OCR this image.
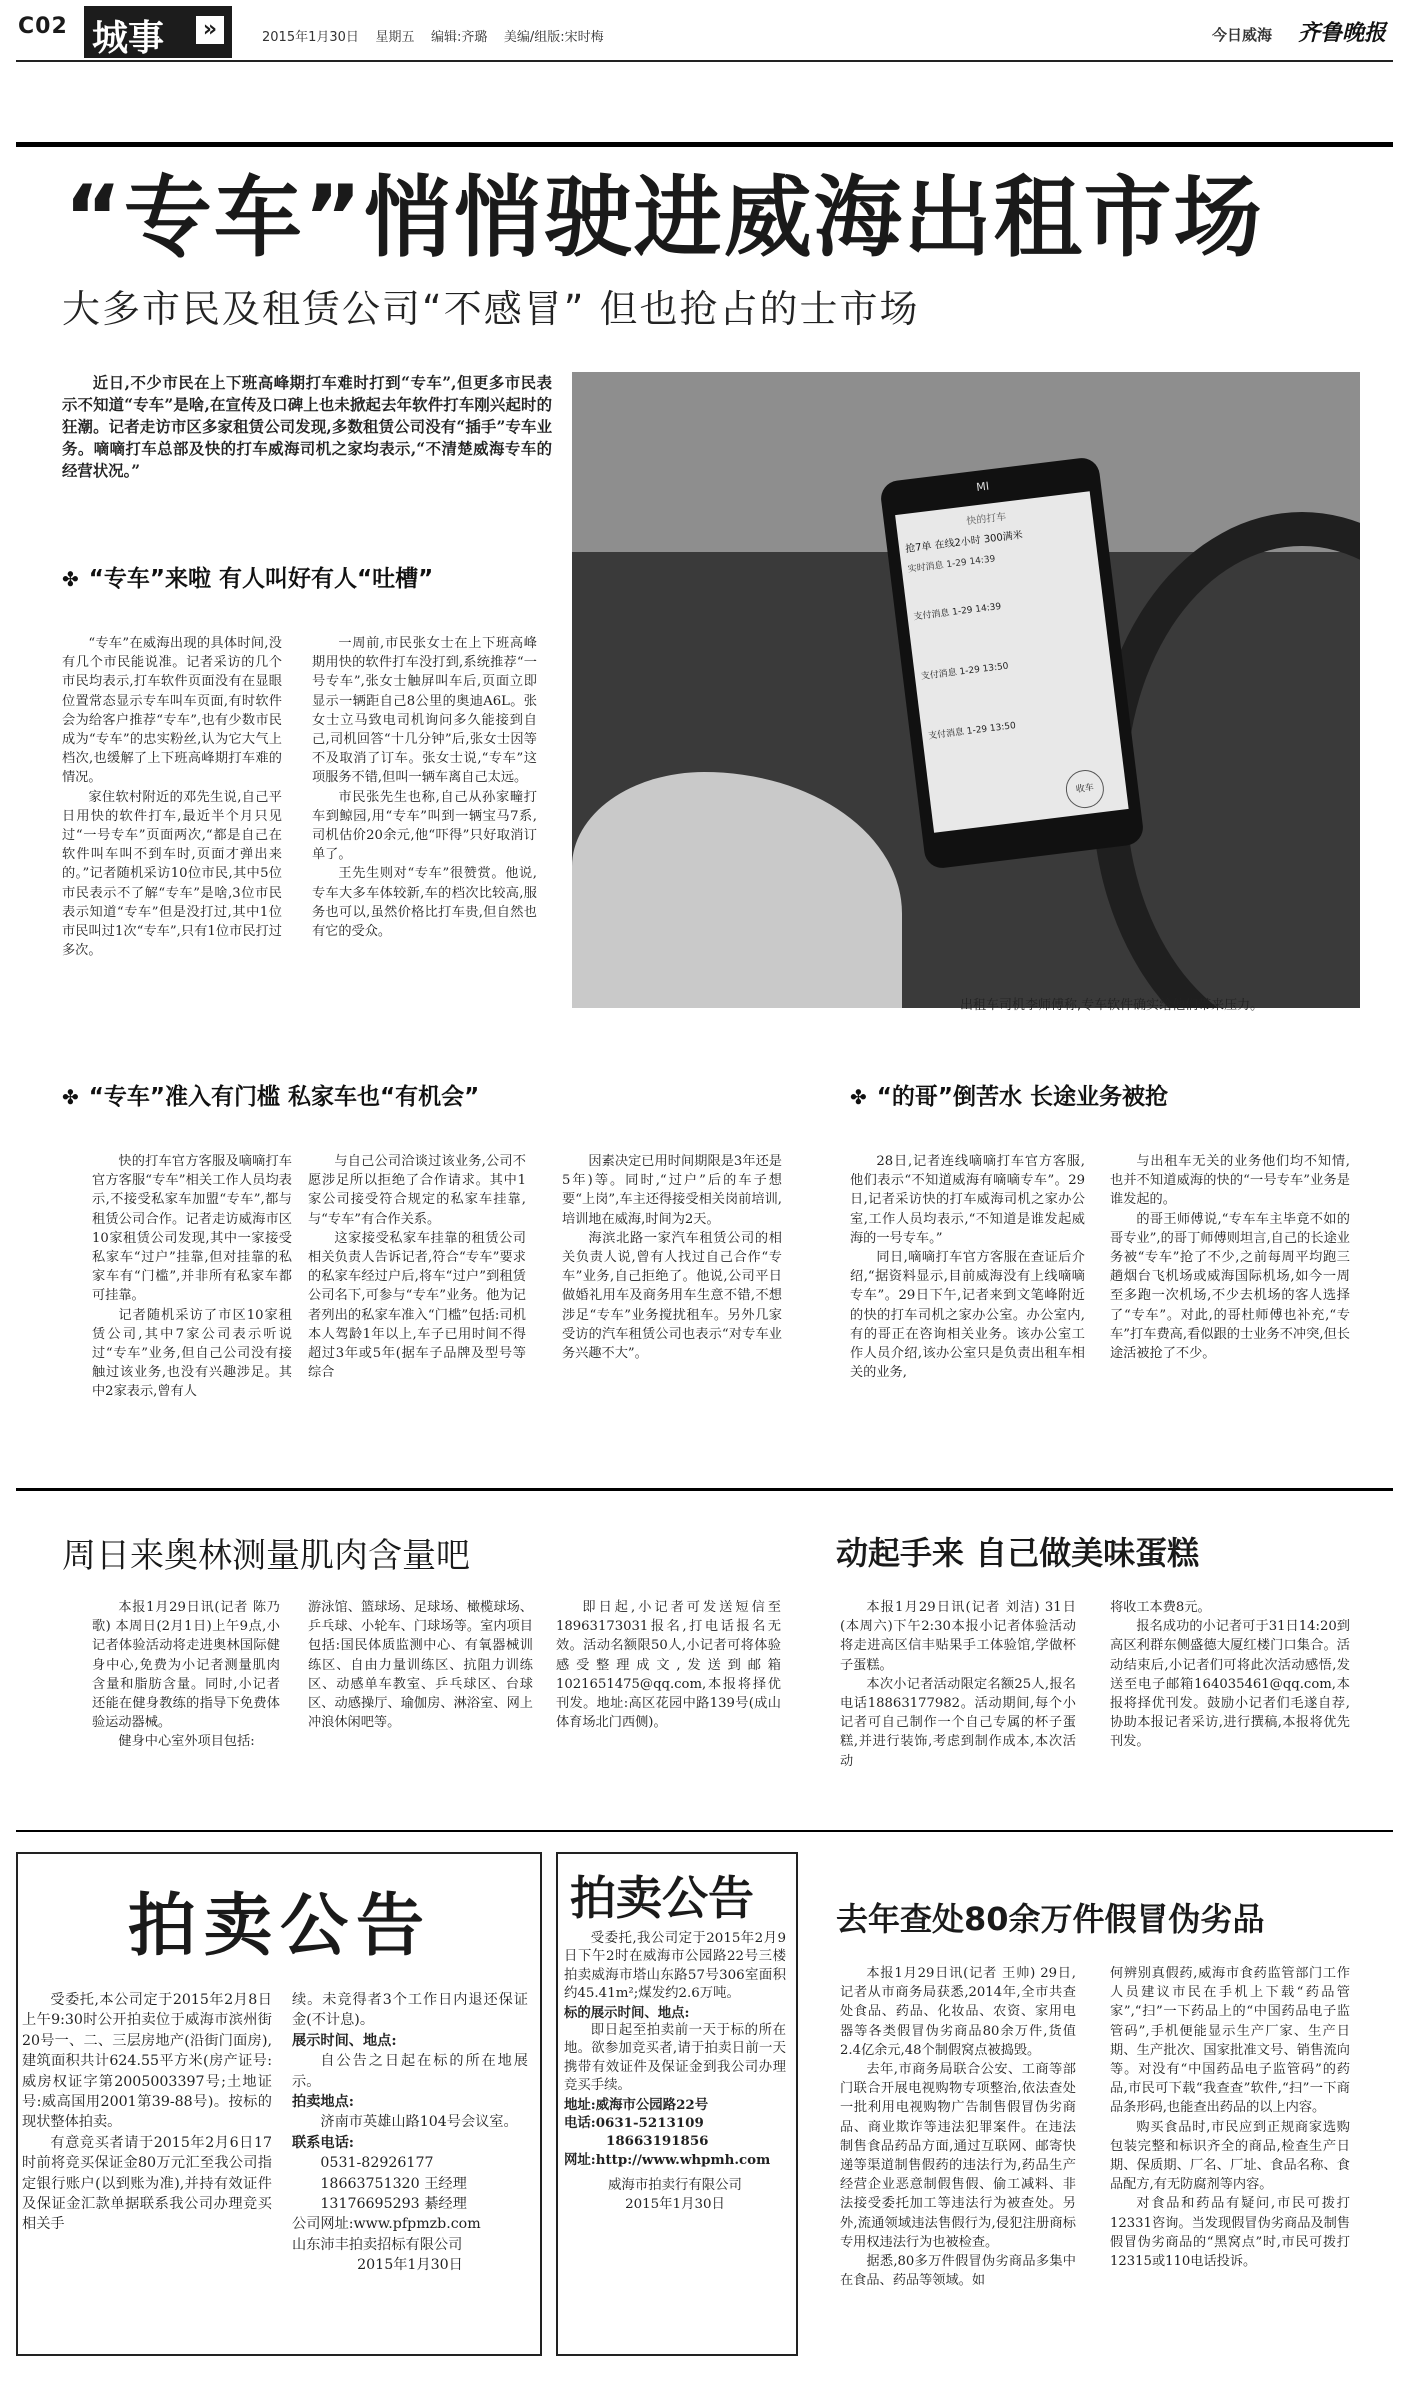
C02 城事	»	2015年1月30日 星期五 编辑:齐璐 美编/组版:宋时梅	今日威海 齐鲁晚报
“专车”悄悄驶进威海出租市场
大多市民及租赁公司“不感冒” 但也抢占的士市场

近日,不少市民在上下班高峰期打车难时打到“专车”,但更多市民表示不知道“专车”是啥,在宣传及口碑上也未掀起去年软件打车刚兴起时的狂潮。记者走访市区多家租赁公司发现,多数租赁公司没有“插手”专车业务。嘀嘀打车总部及快的打车威海司机之家均表示,“不清楚威海专车的经营状况。”

MI
快的打车
抢7单 在线2小时 300满米
实时消息 1-29 14:39
支付消息 1-29 14:39
支付消息 1-29 13:50
支付消息 1-29 13:50
收车
出租车司机李师傅称,专车软件确实给他们带来压力。
✤ “专车”来啦 有人叫好有人“吐槽”

“专车”在威海出现的具体时间,没有几个市民能说准。记者采访的几个市民均表示,打车软件页面没有在显眼位置常态显示专车叫车页面,有时软件会为给客户推荐“专车”,也有少数市民成为“专车”的忠实粉丝,认为它大气上档次,也缓解了上下班高峰期打车难的情况。

家住软村附近的邓先生说,自己平日用快的软件打车,最近半个月只见过“一号专车”页面两次,“都是自己在软件叫车叫不到车时,页面才弹出来的。”记者随机采访10位市民,其中5位市民表示不了解“专车”是啥,3位市民表示知道“专车”但是没打过,其中1位市民叫过1次“专车”,只有1位市民打过多次。

一周前,市民张女士在上下班高峰期用快的软件打车没打到,系统推荐“一号专车”,张女士触屏叫车后,页面立即显示一辆距自己8公里的奥迪A6L。张女士立马致电司机询问多久能接到自己,司机回答“十几分钟”后,张女士因等不及取消了订车。张女士说,“专车”这项服务不错,但叫一辆车离自己太远。

市民张先生也称,自己从孙家疃打车到鲸园,用“专车”叫到一辆宝马7系,司机估价20余元,他“吓得”只好取消订单了。

王先生则对“专车”很赞赏。他说,专车大多车体较新,车的档次比较高,服务也可以,虽然价格比打车贵,但自然也有它的受众。

✤ “专车”准入有门槛 私家车也“有机会”

快的打车官方客服及嘀嘀打车官方客服“专车”相关工作人员均表示,不接受私家车加盟“专车”,都与租赁公司合作。记者走访威海市区10家租赁公司发现,其中一家接受私家车“过户”挂靠,但对挂靠的私家车有“门槛”,并非所有私家车都可挂靠。

记者随机采访了市区10家租赁公司,其中7家公司表示听说过“专车”业务,但自己公司没有接触过该业务,也没有兴趣涉足。其中2家表示,曾有人

与自己公司洽谈过该业务,公司不愿涉足所以拒绝了合作请求。其中1家公司接受符合规定的私家车挂靠,与“专车”有合作关系。

这家接受私家车挂靠的租赁公司相关负责人告诉记者,符合“专车”要求的私家车经过户后,将车“过户”到租赁公司名下,可参与“专车”业务。他为记者列出的私家车准入“门槛”包括:司机本人驾龄1年以上,车子已用时间不得超过3年或5年(据车子品牌及型号等综合

因素决定已用时间期限是3年还是5年)等。同时,“过户”后的车子想要“上岗”,车主还得接受相关岗前培训,培训地在威海,时间为2天。

海滨北路一家汽车租赁公司的相关负责人说,曾有人找过自己合作“专车”业务,自己拒绝了。他说,公司平日做婚礼用车及商务用车生意不错,不想涉足“专车”业务搅扰租车。另外几家受访的汽车租赁公司也表示“对专车业务兴趣不大”。

✤ “的哥”倒苦水 长途业务被抢

28日,记者连线嘀嘀打车官方客服,他们表示“不知道威海有嘀嘀专车”。29日,记者采访快的打车威海司机之家办公室,工作人员均表示,“不知道是谁发起威海的一号专车。”

同日,嘀嘀打车官方客服在查证后介绍,“据资料显示,目前威海没有上线嘀嘀专车”。29日下午,记者来到文笔峰附近的快的打车司机之家办公室。办公室内,有的哥正在咨询相关业务。该办公室工作人员介绍,该办公室只是负责出租车相关的业务,

与出租车无关的业务他们均不知情,也并不知道威海的快的“一号专车”业务是谁发起的。

的哥王师傅说,“专车车主毕竟不如的哥专业”,的哥丁师傅则坦言,自己的长途业务被“专车”抢了不少,之前每周平均跑三趟烟台飞机场或威海国际机场,如今一周至多跑一次机场,不少去机场的客人选择了“专车”。对此,的哥杜师傅也补充,“专车”打车费高,看似跟的士业务不冲突,但长途活被抢了不少。

周日来奥林测量肌肉含量吧

本报1月29日讯(记者 陈乃歌) 本周日(2月1日)上午9点,小记者体验活动将走进奥林国际健身中心,免费为小记者测量肌肉含量和脂肪含量。同时,小记者还能在健身教练的指导下免费体验运动器械。

健身中心室外项目包括:

游泳馆、篮球场、足球场、橄榄球场、乒乓球、小轮车、门球场等。室内项目包括:国民体质监测中心、有氧器械训练区、自由力量训练区、抗阻力训练区、动感单车教室、乒乓球区、台球区、动感操厅、瑜伽房、淋浴室、网上冲浪休闲吧等。

即日起,小记者可发送短信至18963173031报名,打电话报名无效。活动名额限50人,小记者可将体验感受整理成文,发送到邮箱1021651475@qq.com,本报将择优刊发。地址:高区花园中路139号(成山体育场北门西侧)。

动起手来 自己做美味蛋糕

本报1月29日讯(记者 刘洁) 31日(本周六)下午2:30本报小记者体验活动将走进高区信丰贴果手工体验馆,学做杯子蛋糕。

本次小记者活动限定名额25人,报名电话18863177982。活动期间,每个小记者可自己制作一个自己专属的杯子蛋糕,并进行装饰,考虑到制作成本,本次活动

将收工本费8元。

报名成功的小记者可于31日14:20到高区利群东侧盛德大厦红楼门口集合。活动结束后,小记者们可将此次活动感悟,发送至电子邮箱164035461@qq.com,本报将择优刊发。鼓励小记者们毛遂自荐,协助本报记者采访,进行撰稿,本报将优先刊发。

拍卖公告

受委托,本公司定于2015年2月8日上午9:30时公开拍卖位于威海市滨州街20号一、二、三层房地产(沿街门面房),建筑面积共计624.55平方米(房产证号:威房权证字第2005003397号;土地证号:威高国用2001第39-88号)。按标的现状整体拍卖。

有意竞买者请于2015年2月6日17时前将竞买保证金80万元汇至我公司指定银行账户(以到账为准),并持有效证件及保证金汇款单据联系我公司办理竞买相关手

续。未竞得者3个工作日内退还保证金(不计息)。

展示时间、地点:

自公告之日起在标的所在地展示。

拍卖地点:

济南市英雄山路104号会议室。

联系电话:

0531-82926177

18663751320 王经理

13176695293 綦经理

公司网址:www.pfpmzb.com

山东沛丰拍卖招标有限公司

2015年1月30日

拍卖公告

受委托,我公司定于2015年2月9日下午2时在威海市公园路22号三楼拍卖威海市塔山东路57号306室面积约45.41m²;煤发约2.6万吨。

标的展示时间、地点:

即日起至拍卖前一天于标的所在地。欲参加竞买者,请于拍卖日前一天携带有效证件及保证金到我公司办理竞买手续。

地址:威海市公园路22号

电话:0631-5213109

18663191856

网址:http://www.whpmh.com

威海市拍卖行有限公司

2015年1月30日

去年查处80余万件假冒伪劣品

本报1月29日讯(记者 王帅) 29日,记者从市商务局获悉,2014年,全市共查处食品、药品、化妆品、农资、家用电器等各类假冒伪劣商品80余万件,货值2.4亿余元,48个制假窝点被捣毁。

去年,市商务局联合公安、工商等部门联合开展电视购物专项整治,依法查处一批利用电视购物广告制售假冒伪劣商品、商业欺诈等违法犯罪案件。在违法制售食品药品方面,通过互联网、邮寄快递等渠道制售假药的违法行为,药品生产经营企业恶意制假售假、偷工减料、非法接受委托加工等违法行为被查处。另外,流通领域违法售假行为,侵犯注册商标专用权违法行为也被检查。

据悉,80多万件假冒伪劣商品多集中在食品、药品等领域。如

何辨别真假药,威海市食药监管部门工作人员建议市民在手机上下载“药品管家”,“扫”一下药品上的“中国药品电子监管码”,手机便能显示生产厂家、生产日期、生产批次、国家批准文号、销售流向等。对没有“中国药品电子监管码”的药品,市民可下载“我查查”软件,“扫”一下商品条形码,也能查出药品的以上内容。

购买食品时,市民应到正规商家选购包装完整和标识齐全的商品,检查生产日期、保质期、厂名、厂址、食品名称、食品配方,有无防腐剂等内容。

对食品和药品有疑问,市民可拨打12331咨询。当发现假冒伪劣商品及制售假冒伪劣商品的“黑窝点”时,市民可拨打12315或110电话投诉。
